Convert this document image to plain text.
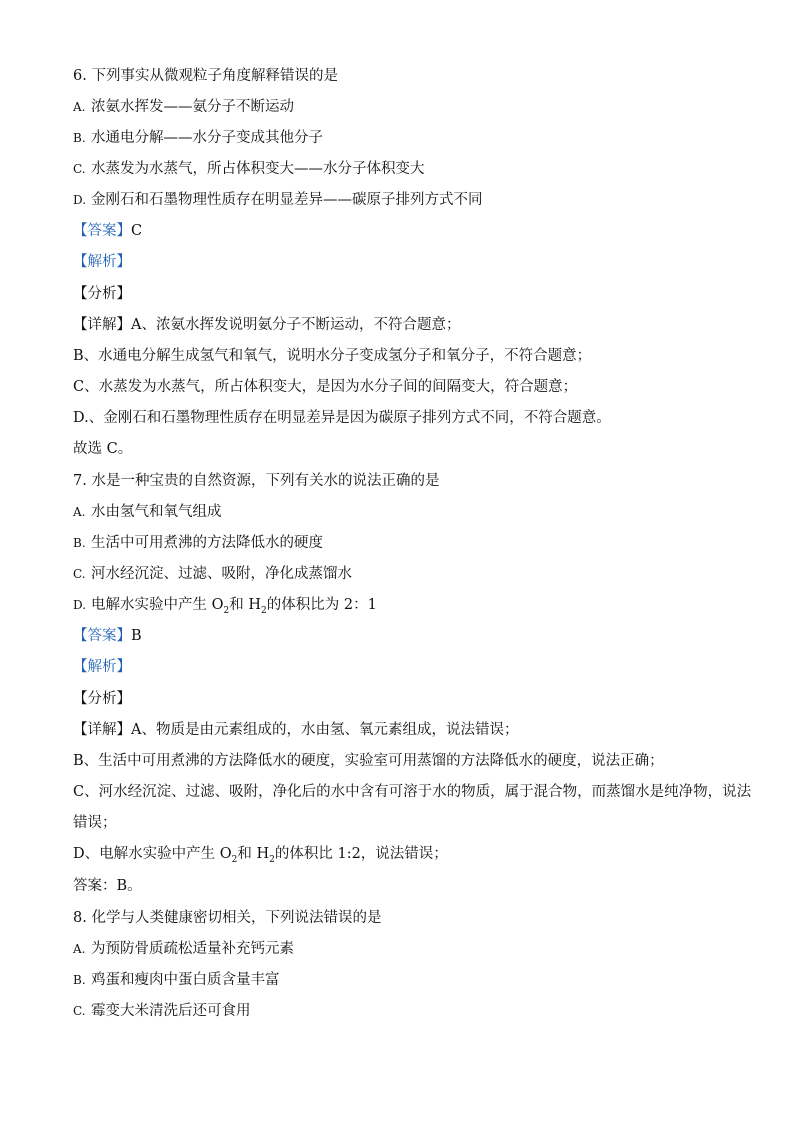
6. 下列事实从微观粒子角度解释错误的是
A. 浓氨水挥发——氨分子不断运动
B. 水通电分解——水分子变成其他分子
C. 水蒸发为水蒸气，所占体积变大——水分子体积变大
D. 金刚石和石墨物理性质存在明显差异——碳原子排列方式不同
【答案】C
【解析】
【分析】
【详解】A、浓氨水挥发说明氨分子不断运动，不符合题意；
B、水通电分解生成氢气和氧气，说明水分子变成氢分子和氧分子，不符合题意；
C、水蒸发为水蒸气，所占体积变大，是因为水分子间的间隔变大，符合题意；
D.、金刚石和石墨物理性质存在明显差异是因为碳原子排列方式不同，不符合题意。
故选 C。
7. 水是一种宝贵的自然资源，下列有关水的说法正确的是
A. 水由氢气和氧气组成
B. 生活中可用煮沸的方法降低水的硬度
C. 河水经沉淀、过滤、吸附，净化成蒸馏水
D. 电解水实验中产生 $O_2$和 $H_2$的体积比为 2：1
【答案】B
【解析】
【分析】
【详解】A、物质是由元素组成的，水由氢、氧元素组成，说法错误；
B、生活中可用煮沸的方法降低水的硬度，实验室可用蒸馏的方法降低水的硬度，说法正确；
C、河水经沉淀、过滤、吸附，净化后的水中含有可溶于水的物质，属于混合物，而蒸馏水是纯净物，说法
错误；
D、电解水实验中产生 $O_2$和 $H_2$的体积比 1:2，说法错误；
答案：B。
8. 化学与人类健康密切相关，下列说法错误的是
A. 为预防骨质疏松适量补充钙元素
B. 鸡蛋和瘦肉中蛋白质含量丰富
C. 霉变大米清洗后还可食用
